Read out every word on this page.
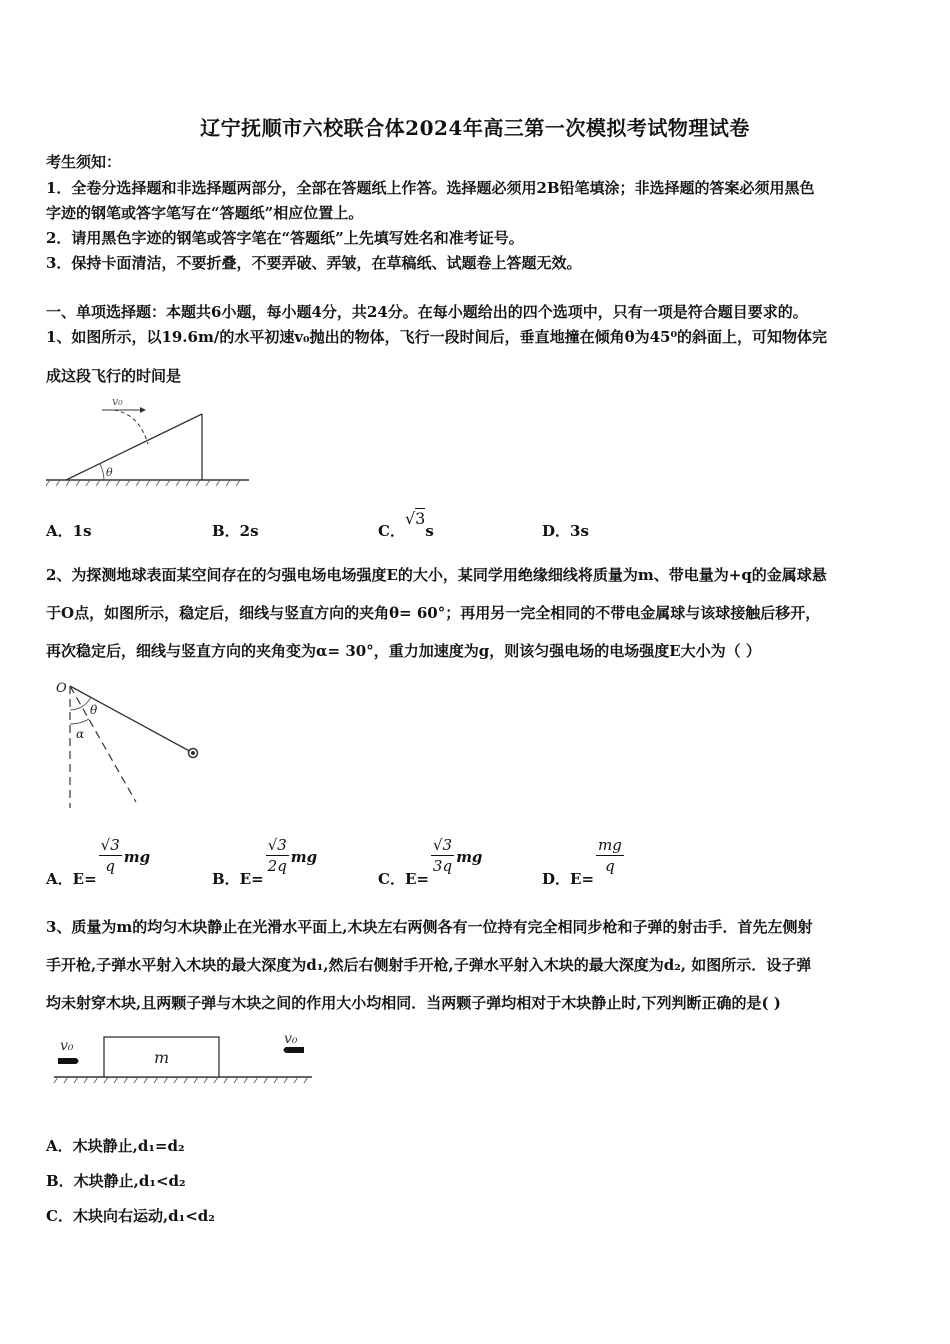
辽宁抚顺市六校联合体2024年高三第一次模拟考试物理试卷
考生须知：
1．全卷分选择题和非选择题两部分，全部在答题纸上作答。选择题必须用2B铅笔填涂；非选择题的答案必须用黑色
字迹的钢笔或答字笔写在“答题纸”相应位置上。
2．请用黑色字迹的钢笔或答字笔在“答题纸”上先填写姓名和准考证号。
3．保持卡面清洁，不要折叠，不要弄破、弄皱，在草稿纸、试题卷上答题无效。
一、单项选择题：本题共6小题，每小题4分，共24分。在每小题给出的四个选项中，只有一项是符合题目要求的。
1、如图所示，以19.6m/的水平初速v₀抛出的物体，飞行一段时间后，垂直地撞在倾角θ为45⁰的斜面上，可知物体完
成这段飞行的时间是
θ
v₀
A．1s	B．2s	C．√3s	D．3s
2、为探测地球表面某空间存在的匀强电场电场强度E的大小，某同学用绝缘细线将质量为m、带电量为+q的金属球悬
于O点，如图所示，稳定后，细线与竖直方向的夹角θ= 60°；再用另一完全相同的不带电金属球与该球接触后移开，
再次稳定后，细线与竖直方向的夹角变为α= 30°，重力加速度为g，则该匀强电场的电场强度E大小为（ ）
O
θ
α
A．E=
$\frac{√3}{q}$ mg
B．E=
$\frac{√3}{2q}$ mg
C．E=
$\frac{√3}{3q}$ mg
D．E=
$\frac{mg}{q}$
3、质量为m的均匀木块静止在光滑水平面上,木块左右两侧各有一位持有完全相同步枪和子弹的射击手．首先左侧射
手开枪,子弹水平射入木块的最大深度为d₁,然后右侧射手开枪,子弹水平射入木块的最大深度为d₂, 如图所示．设子弹
均未射穿木块,且两颗子弹与木块之间的作用大小均相同．当两颗子弹均相对于木块静止时,下列判断正确的是( )
m
v₀	v₀
A．木块静止,d₁=d₂
B．木块静止,d₁<d₂
C．木块向右运动,d₁<d₂
